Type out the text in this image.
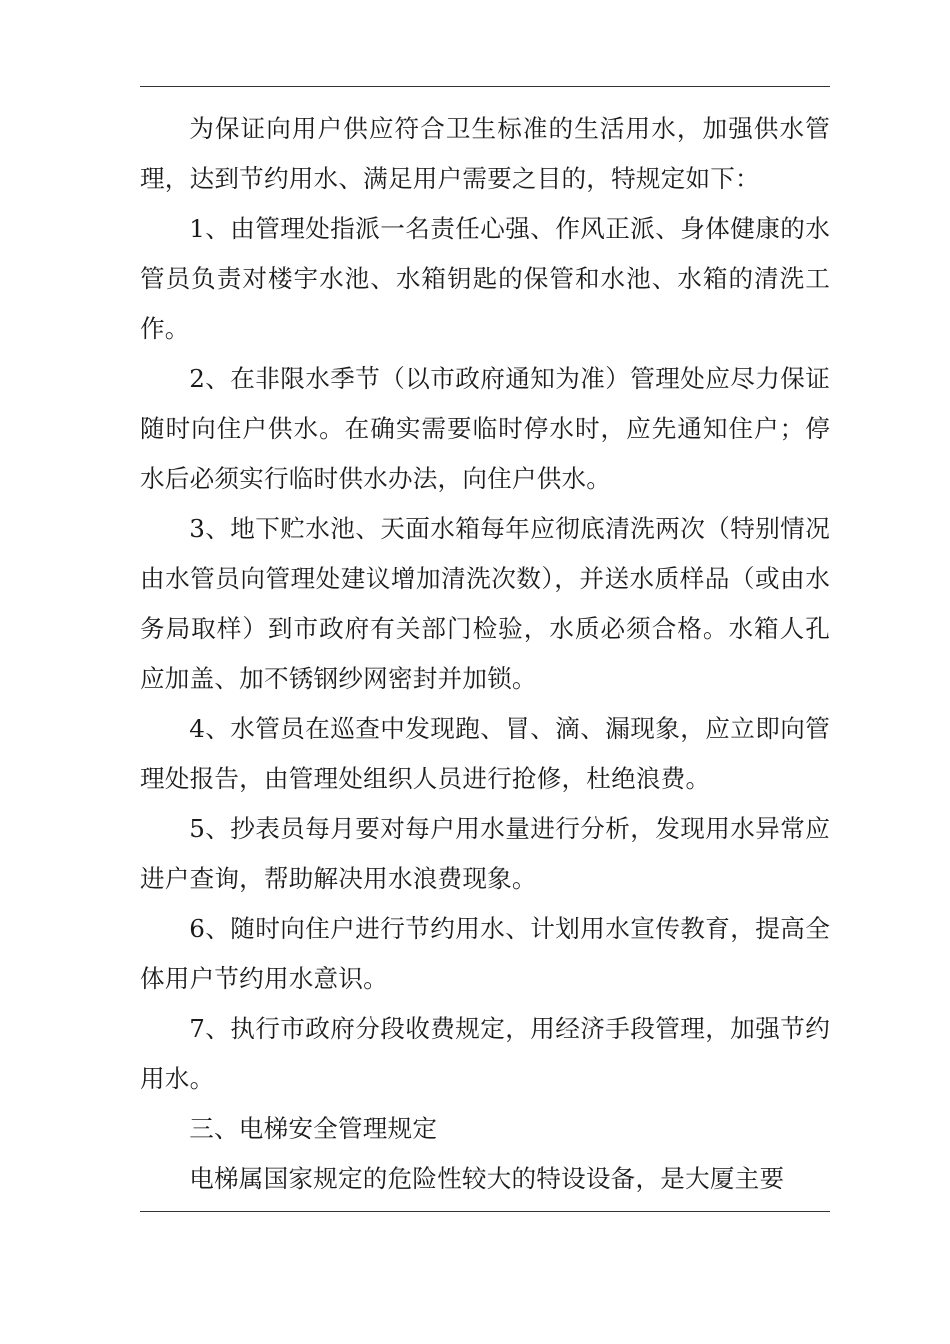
为保证向用户供应符合卫生标准的生活用水，加强供水管理，达到节约用水、满足用户需要之目的，特规定如下：

1、由管理处指派一名责任心强、作风正派、身体健康的水管员负责对楼宇水池、水箱钥匙的保管和水池、水箱的清洗工作。

2、在非限水季节（以市政府通知为准）管理处应尽力保证随时向住户供水。在确实需要临时停水时，应先通知住户；停水后必须实行临时供水办法，向住户供水。

3、地下贮水池、天面水箱每年应彻底清洗两次（特别情况由水管员向管理处建议增加清洗次数），并送水质样品（或由水务局取样）到市政府有关部门检验，水质必须合格。水箱人孔应加盖、加不锈钢纱网密封并加锁。

4、水管员在巡查中发现跑、冒、滴、漏现象，应立即向管理处报告，由管理处组织人员进行抢修，杜绝浪费。

5、抄表员每月要对每户用水量进行分析，发现用水异常应进户查询，帮助解决用水浪费现象。

6、随时向住户进行节约用水、计划用水宣传教育，提高全体用户节约用水意识。

7、执行市政府分段收费规定，用经济手段管理，加强节约用水。

三、电梯安全管理规定

电梯属国家规定的危险性较大的特设设备，是大厦主要
